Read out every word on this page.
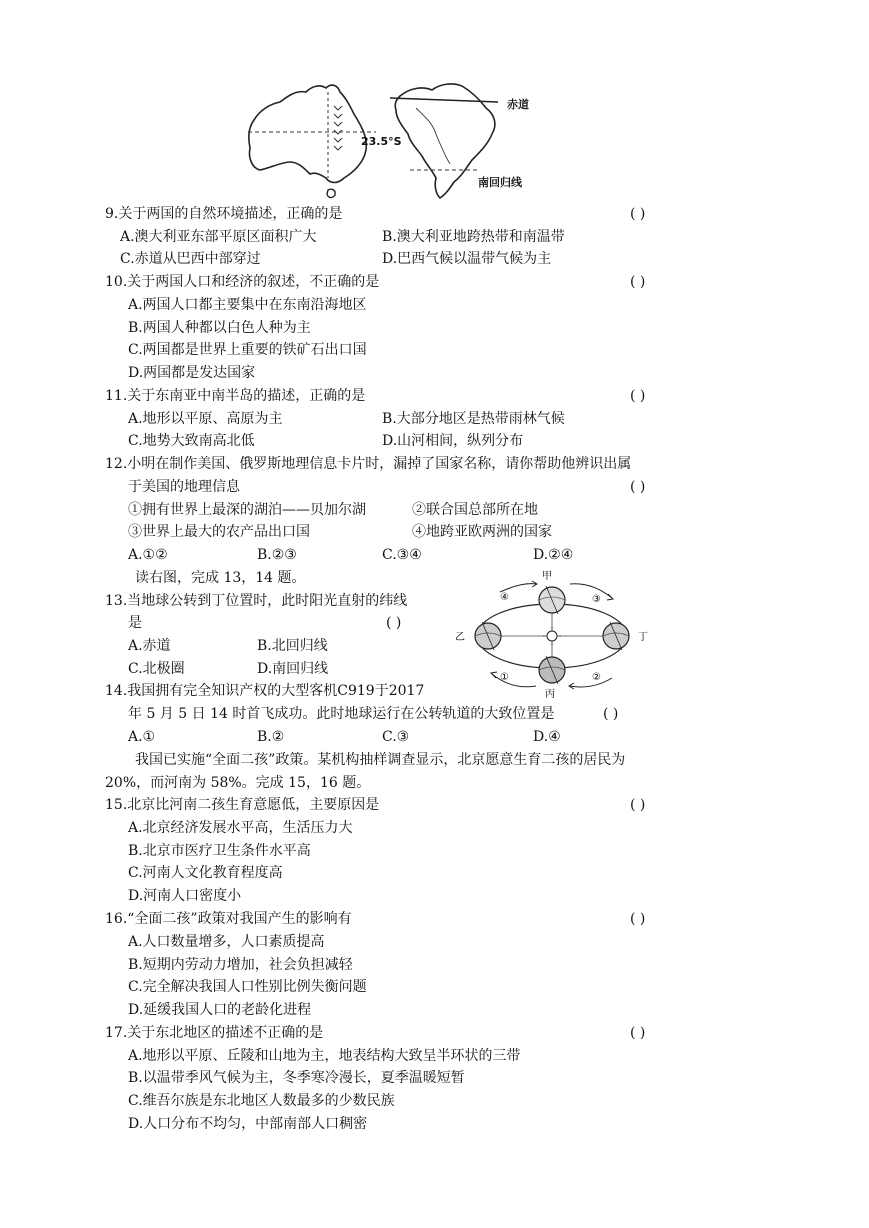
赤道
23.5°S
南回归线
9.关于两国的自然环境描述，正确的是	( )
A.澳大利亚东部平原区面积广大	B.澳大利亚地跨热带和南温带
C.赤道从巴西中部穿过	D.巴西气候以温带气候为主
10.关于两国人口和经济的叙述，不正确的是	( )
A.两国人口都主要集中在东南沿海地区
B.两国人种都以白色人种为主
C.两国都是世界上重要的铁矿石出口国
D.两国都是发达国家
11.关于东南亚中南半岛的描述，正确的是	( )
A.地形以平原、高原为主	B.大部分地区是热带雨林气候
C.地势大致南高北低	D.山河相间，纵列分布
12.小明在制作美国、俄罗斯地理信息卡片时，漏掉了国家名称，请你帮助他辨识出属
于美国的地理信息	( )
①拥有世界上最深的湖泊——贝加尔湖	②联合国总部所在地
③世界上最大的农产品出口国	④地跨亚欧两洲的国家
A.①②	B.②③	C.③④	D.②④
读右图，完成 13，14 题。	甲
乙
丙
丁
④	③
①	②
13.当地球公转到丁位置时，此时阳光直射的纬线
是	( )
A.赤道	B.北回归线
C.北极圈	D.南回归线
14.我国拥有完全知识产权的大型客机C919于2017
年 5 月 5 日 14 时首飞成功。此时地球运行在公转轨道的大致位置是	( )
A.①	B.②	C.③	D.④
我国已实施“全面二孩”政策。某机构抽样调查显示，北京愿意生育二孩的居民为
20%，而河南为 58%。完成 15，16 题。
15.北京比河南二孩生育意愿低，主要原因是	( )
A.北京经济发展水平高，生活压力大
B.北京市医疗卫生条件水平高
C.河南人文化教育程度高
D.河南人口密度小
16.“全面二孩”政策对我国产生的影响有	( )
A.人口数量增多，人口素质提高
B.短期内劳动力增加，社会负担减轻
C.完全解决我国人口性别比例失衡问题
D.延缓我国人口的老龄化进程
17.关于东北地区的描述不正确的是	( )
A.地形以平原、丘陵和山地为主，地表结构大致呈半环状的三带
B.以温带季风气候为主，冬季寒冷漫长，夏季温暖短暂
C.维吾尔族是东北地区人数最多的少数民族
D.人口分布不均匀，中部南部人口稠密
